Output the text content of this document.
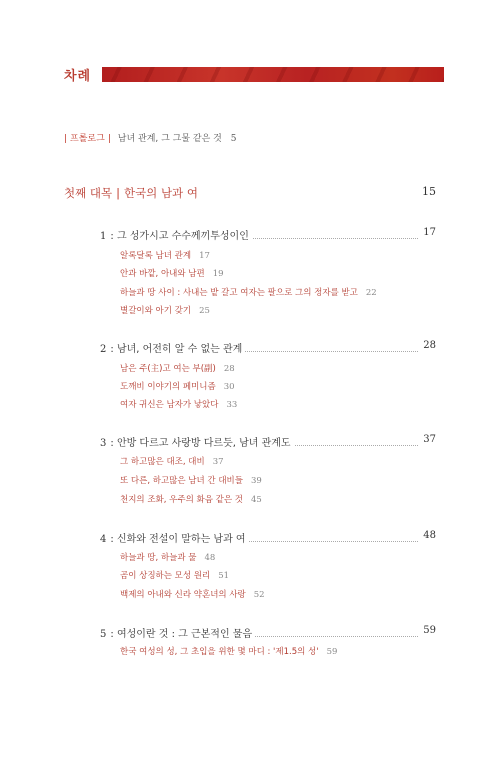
차례
| 프롤로그 | 남녀 관계, 그 그물 같은 것 5
첫째 대목 | 한국의 남과 여	15
1 : 그 성가시고 수수께끼투성이인	17
알록달록 남녀 관계 17
안과 바깥, 아내와 남편 19
하늘과 땅 사이 : 사내는 밭 갈고 여자는 팔으로 그의 정자를 받고 22
별갈이와 아기 갖기 25
2 : 남녀, 어전히 알 수 없는 관계	28
남은 주(主)고 여는 부(副) 28
도깨비 이야기의 페미니즘 30
여자 귀신은 남자가 낳았다 33
3 : 안방 다르고 사랑방 다르듯, 남녀 관계도	37
그 하고많은 대조, 대비 37
또 다른, 하고많은 남녀 간 대비들 39
천지의 조화, 우주의 화음 같은 것 45
4 : 신화와 전설이 말하는 남과 여	48
하늘과 땅, 하늘과 물 48
곰이 상징하는 모성 원리 51
백제의 아내와 신라 약혼녀의 사랑 52
5 : 여성이란 것 : 그 근본적인 물음	59
한국 여성의 성, 그 초입을 위한 몇 마디 : '제1.5의 성' 59
